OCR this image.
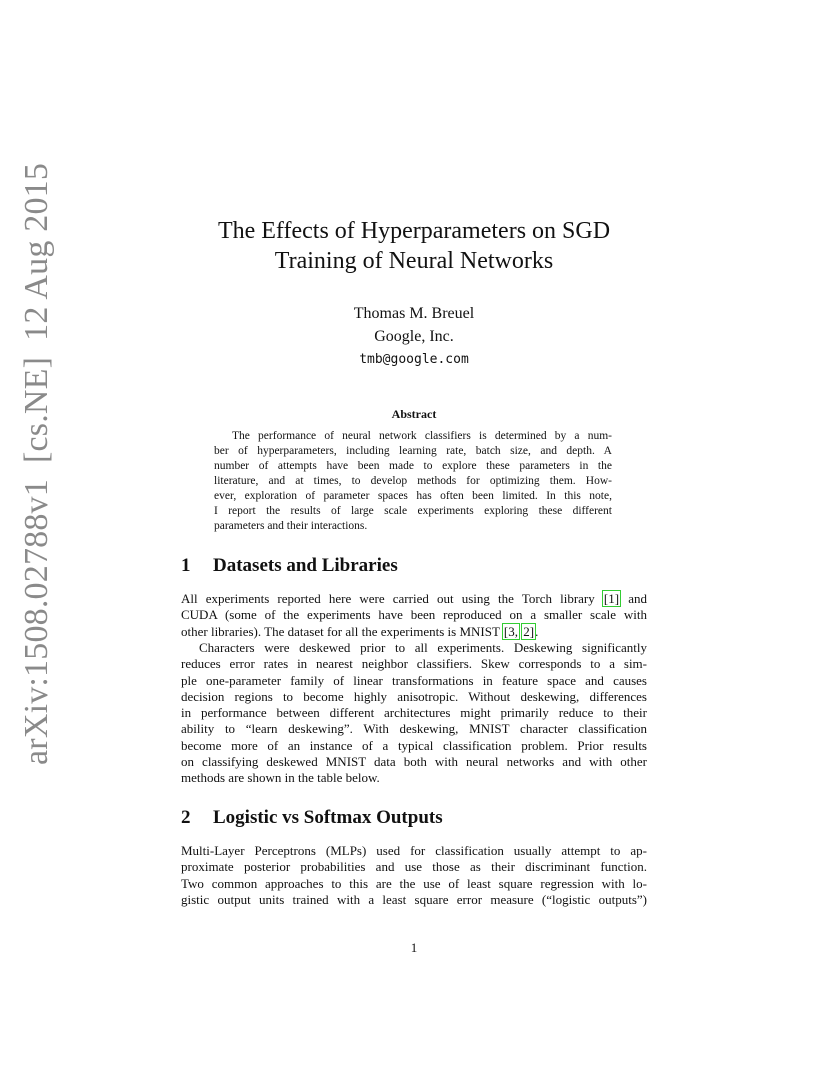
arXiv:1508.02788v1[cs.NE]12 Aug 2015	The Effects of Hyperparameters on SGD
Training of Neural Networks
Thomas M. Breuel
Google, Inc.
tmb@google.com
Abstract
The performance of neural network classifiers is determined by a num-
ber of hyperparameters, including learning rate, batch size, and depth. A
number of attempts have been made to explore these parameters in the
literature, and at times, to develop methods for optimizing them. How-
ever, exploration of parameter spaces has often been limited. In this note,
I report the results of large scale experiments exploring these different
parameters and their interactions.
1 Datasets and Libraries
All experiments reported here were carried out using the Torch library [1] and
CUDA (some of the experiments have been reproduced on a smaller scale with
other libraries). The dataset for all the experiments is MNIST [3, 2].
Characters were deskewed prior to all experiments. Deskewing significantly
reduces error rates in nearest neighbor classifiers. Skew corresponds to a sim-
ple one-parameter family of linear transformations in feature space and causes
decision regions to become highly anisotropic. Without deskewing, differences
in performance between different architectures might primarily reduce to their
ability to “learn deskewing”. With deskewing, MNIST character classification
become more of an instance of a typical classification problem. Prior results
on classifying deskewed MNIST data both with neural networks and with other
methods are shown in the table below.
2 Logistic vs Softmax Outputs
Multi-Layer Perceptrons (MLPs) used for classification usually attempt to ap-
proximate posterior probabilities and use those as their discriminant function.
Two common approaches to this are the use of least square regression with lo-
gistic output units trained with a least square error measure (“logistic outputs”)
1
